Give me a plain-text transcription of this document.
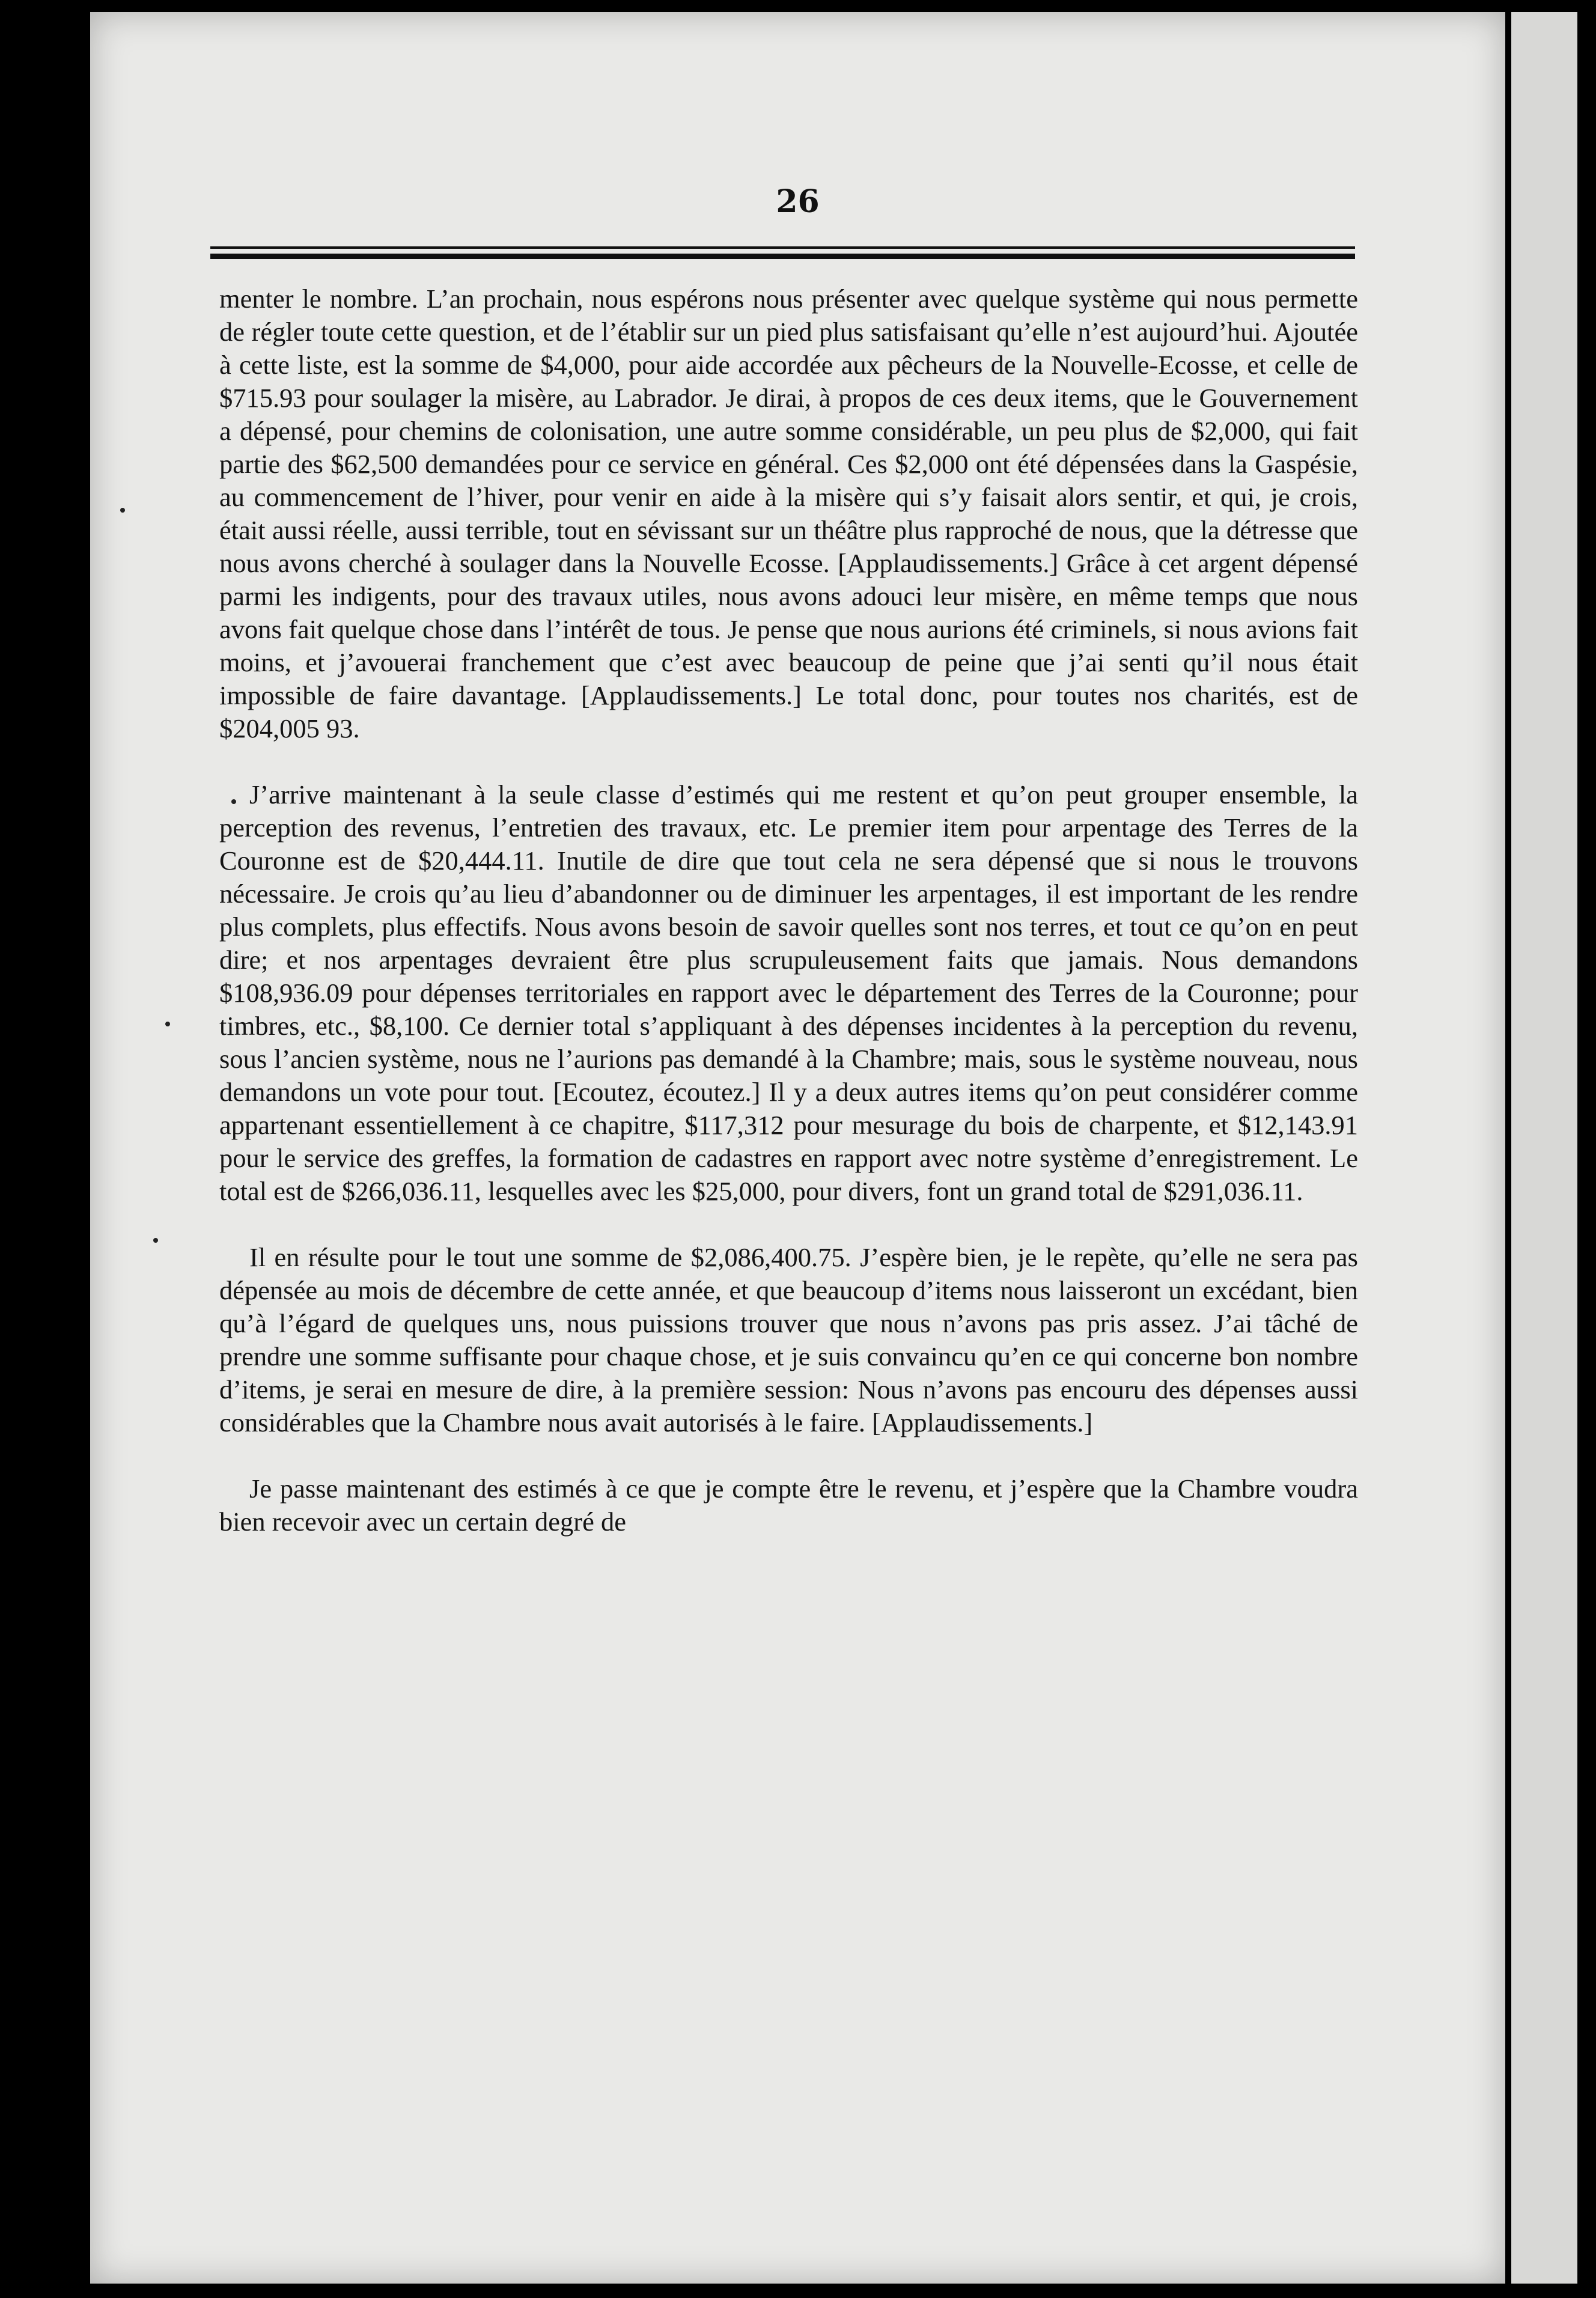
26

menter le nombre. L’an prochain, nous espérons nous présenter avec quelque système qui nous permette de régler toute cette question, et de l’établir sur un pied plus satisfaisant qu’elle n’est aujourd’hui. Ajoutée à cette liste, est la somme de $4,000, pour aide accordée aux pêcheurs de la Nouvelle-Ecosse, et celle de $715.93 pour soulager la misère, au Labrador. Je dirai, à propos de ces deux items, que le Gouvernement a dépensé, pour chemins de colonisation, une autre somme considérable, un peu plus de $2,000, qui fait partie des $62,500 demandées pour ce service en général. Ces $2,000 ont été dépensées dans la Gaspésie, au commencement de l’hiver, pour venir en aide à la misère qui s’y faisait alors sentir, et qui, je crois, était aussi réelle, aussi terrible, tout en sévissant sur un théâtre plus rapproché de nous, que la détresse que nous avons cherché à soulager dans la Nouvelle Ecosse. [Applaudissements.] Grâce à cet argent dépensé parmi les indigents, pour des travaux utiles, nous avons adouci leur misère, en même temps que nous avons fait quelque chose dans l’intérêt de tous. Je pense que nous aurions été criminels, si nous avions fait moins, et j’avouerai franchement que c’est avec beaucoup de peine que j’ai senti qu’il nous était impossible de faire davantage. [Applaudissements.] Le total donc, pour toutes nos charités, est de $204,005 93.

J’arrive maintenant à la seule classe d’estimés qui me restent et qu’on peut grouper ensemble, la perception des revenus, l’entretien des travaux, etc. Le premier item pour arpentage des Terres de la Couronne est de $20,444.11. Inutile de dire que tout cela ne sera dépensé que si nous le trouvons nécessaire. Je crois qu’au lieu d’abandonner ou de diminuer les arpentages, il est important de les rendre plus complets, plus effectifs. Nous avons besoin de savoir quelles sont nos terres, et tout ce qu’on en peut dire; et nos arpentages devraient être plus scrupuleusement faits que jamais. Nous demandons $108,936.09 pour dépenses territoriales en rapport avec le département des Terres de la Couronne; pour timbres, etc., $8,100. Ce dernier total s’appliquant à des dépenses incidentes à la perception du revenu, sous l’ancien système, nous ne l’aurions pas demandé à la Chambre; mais, sous le système nouveau, nous demandons un vote pour tout. [Ecoutez, écoutez.] Il y a deux autres items qu’on peut considérer comme appartenant essentiellement à ce chapitre, $117,312 pour mesurage du bois de charpente, et $12,143.91 pour le service des greffes, la formation de cadastres en rapport avec notre système d’enregistrement. Le total est de $266,036.11, lesquelles avec les $25,000, pour divers, font un grand total de $291,036.11.

Il en résulte pour le tout une somme de $2,086,400.75. J’espère bien, je le repète, qu’elle ne sera pas dépensée au mois de décembre de cette année, et que beaucoup d’items nous laisseront un excédant, bien qu’à l’égard de quelques uns, nous puissions trouver que nous n’avons pas pris assez. J’ai tâché de prendre une somme suffisante pour chaque chose, et je suis convaincu qu’en ce qui concerne bon nombre d’items, je serai en mesure de dire, à la première session: Nous n’avons pas encouru des dépenses aussi considérables que la Chambre nous avait autorisés à le faire. [Applaudissements.]

Je passe maintenant des estimés à ce que je compte être le revenu, et j’espère que la Chambre voudra bien recevoir avec un certain degré de
